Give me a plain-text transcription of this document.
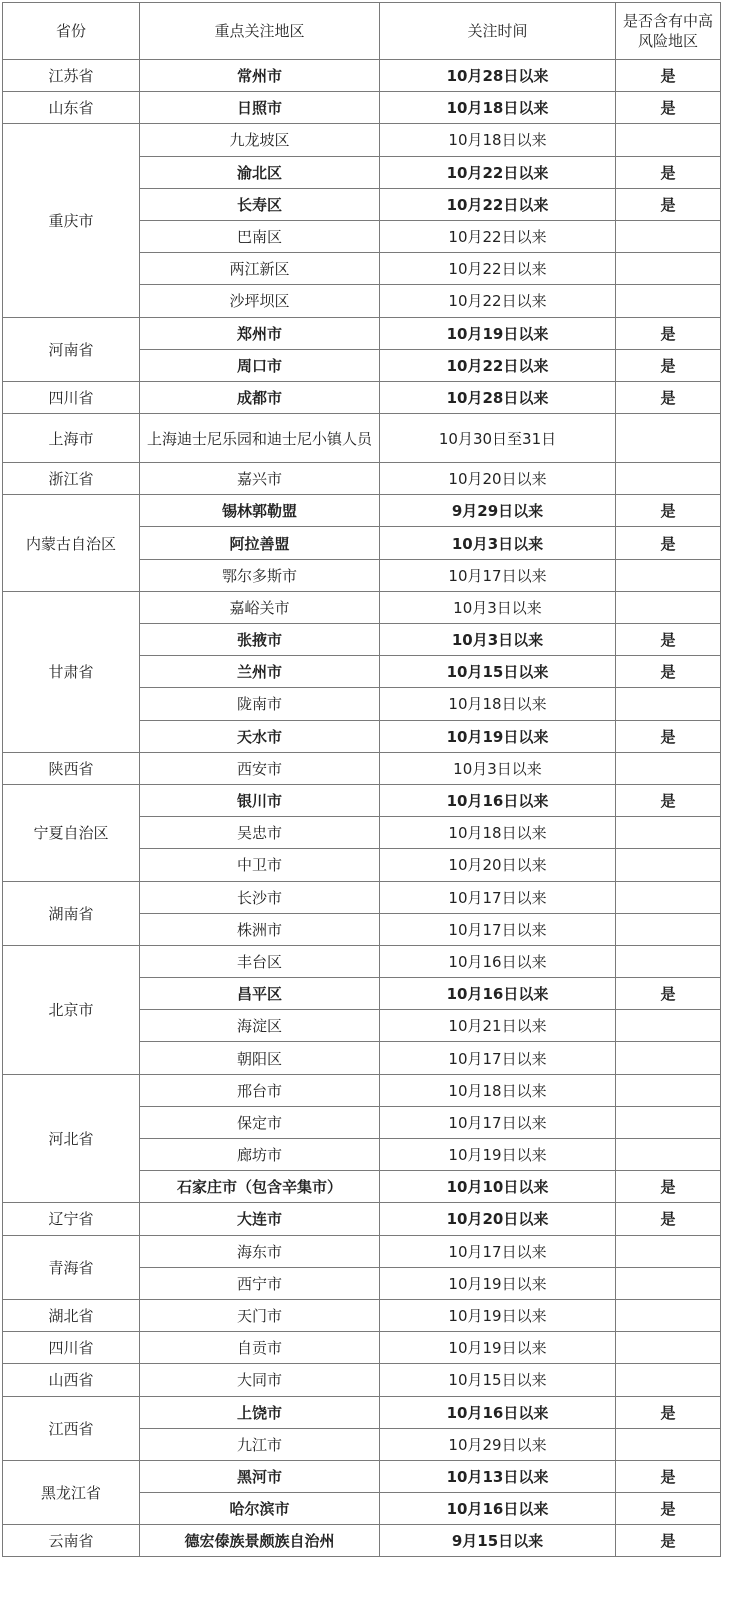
省份	重点关注地区	关注时间	是否含有中高风险地区
江苏省	常州市	10月28日以来	是
山东省	日照市	10月18日以来	是
重庆市	九龙坡区	10月18日以来	
	渝北区	10月22日以来	是
	长寿区	10月22日以来	是
	巴南区	10月22日以来	
	两江新区	10月22日以来	
	沙坪坝区	10月22日以来	
河南省	郑州市	10月19日以来	是
	周口市	10月22日以来	是
四川省	成都市	10月28日以来	是
上海市	上海迪士尼乐园和迪士尼小镇人员	10月30日至31日	
浙江省	嘉兴市	10月20日以来	
内蒙古自治区	锡林郭勒盟	9月29日以来	是
	阿拉善盟	10月3日以来	是
	鄂尔多斯市	10月17日以来	
甘肃省	嘉峪关市	10月3日以来	
	张掖市	10月3日以来	是
	兰州市	10月15日以来	是
	陇南市	10月18日以来	
	天水市	10月19日以来	是
陕西省	西安市	10月3日以来	
宁夏自治区	银川市	10月16日以来	是
	吴忠市	10月18日以来	
	中卫市	10月20日以来	
湖南省	长沙市	10月17日以来	
	株洲市	10月17日以来	
北京市	丰台区	10月16日以来	
	昌平区	10月16日以来	是
	海淀区	10月21日以来	
	朝阳区	10月17日以来	
河北省	邢台市	10月18日以来	
	保定市	10月17日以来	
	廊坊市	10月19日以来	
	石家庄市（包含辛集市）	10月10日以来	是
辽宁省	大连市	10月20日以来	是
青海省	海东市	10月17日以来	
	西宁市	10月19日以来	
湖北省	天门市	10月19日以来	
四川省	自贡市	10月19日以来	
山西省	大同市	10月15日以来	
江西省	上饶市	10月16日以来	是
	九江市	10月29日以来	
黑龙江省	黑河市	10月13日以来	是
	哈尔滨市	10月16日以来	是
云南省	德宏傣族景颇族自治州	9月15日以来	是
